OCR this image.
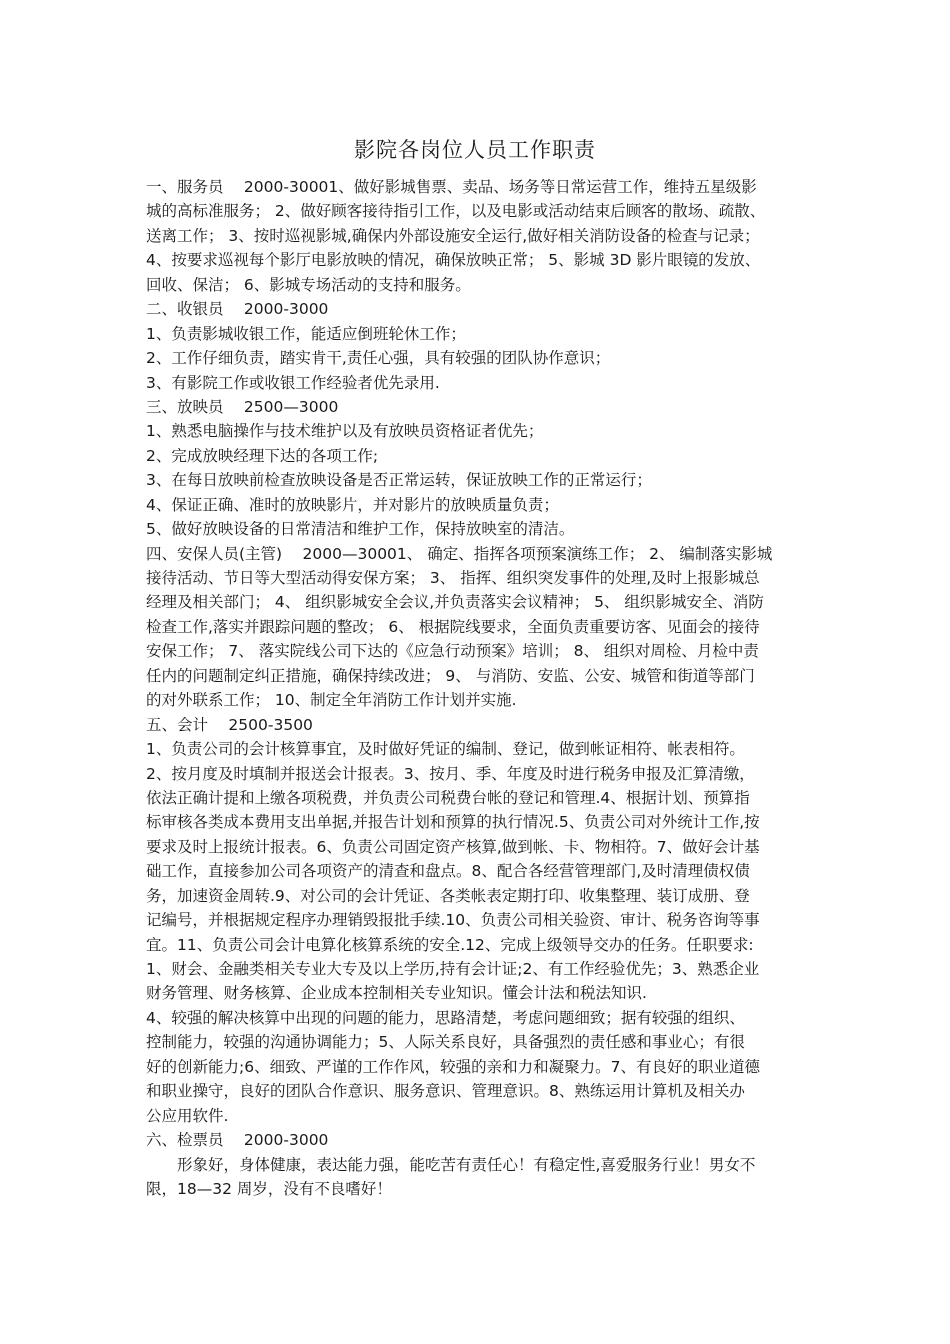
影院各岗位人员工作职责
一、服务员　 2000-30001、做好影城售票、卖品、场务等日常运营工作，维持五星级影
城的高标准服务； 2、做好顾客接待指引工作，以及电影或活动结束后顾客的散场、疏散、
送离工作； 3、按时巡视影城,确保内外部设施安全运行,做好相关消防设备的检查与记录；
4、按要求巡视每个影厅电影放映的情况，确保放映正常； 5、影城 3D 影片眼镜的发放、
回收、保洁； 6、影城专场活动的支持和服务。
二、收银员　 2000-3000
1、负责影城收银工作，能适应倒班轮休工作；
2、工作仔细负责，踏实肯干,责任心强，具有较强的团队协作意识；
3、有影院工作或收银工作经验者优先录用.
三、放映员　 2500—3000
1、熟悉电脑操作与技术维护以及有放映员资格证者优先；
2、完成放映经理下达的各项工作;
3、在每日放映前检查放映设备是否正常运转，保证放映工作的正常运行；
4、保证正确、准时的放映影片，并对影片的放映质量负责；
5、做好放映设备的日常清洁和维护工作，保持放映室的清洁。
四、安保人员(主管)　 2000—30001、 确定、指挥各项预案演练工作； 2、 编制落实影城
接待活动、节日等大型活动得安保方案； 3、 指挥、组织突发事件的处理,及时上报影城总
经理及相关部门； 4、 组织影城安全会议,并负责落实会议精神； 5、 组织影城安全、消防
检查工作,落实并跟踪问题的整改； 6、 根据院线要求，全面负责重要访客、见面会的接待
安保工作； 7、 落实院线公司下达的《应急行动预案》培训； 8、 组织对周检、月检中责
任内的问题制定纠正措施，确保持续改进； 9、 与消防、安监、公安、城管和街道等部门
的对外联系工作； 10、制定全年消防工作计划并实施.
五、会计　 2500-3500
1、负责公司的会计核算事宜，及时做好凭证的编制、登记，做到帐证相符、帐表相符。
2、按月度及时填制并报送会计报表。3、按月、季、年度及时进行税务申报及汇算清缴，
依法正确计提和上缴各项税费，并负责公司税费台帐的登记和管理.4、根据计划、预算指
标审核各类成本费用支出单据,并报告计划和预算的执行情况.5、负责公司对外统计工作,按
要求及时上报统计报表。6、负责公司固定资产核算,做到帐、卡、物相符。7、做好会计基
础工作，直接参加公司各项资产的清查和盘点。8、配合各经营管理部门,及时清理债权债
务，加速资金周转.9、对公司的会计凭证、各类帐表定期打印、收集整理、装订成册、登
记编号，并根据规定程序办理销毁报批手续.10、负责公司相关验资、审计、税务咨询等事
宜。11、负责公司会计电算化核算系统的安全.12、完成上级领导交办的任务。任职要求:
1、财会、金融类相关专业大专及以上学历,持有会计证;2、有工作经验优先；3、熟悉企业
财务管理、财务核算、企业成本控制相关专业知识。懂会计法和税法知识.
4、较强的解决核算中出现的问题的能力，思路清楚，考虑问题细致；据有较强的组织、
控制能力，较强的沟通协调能力；5、人际关系良好，具备强烈的责任感和事业心；有很
好的创新能力;6、细致、严谨的工作作风，较强的亲和力和凝聚力。7、有良好的职业道德
和职业操守，良好的团队合作意识、服务意识、管理意识。8、熟练运用计算机及相关办
公应用软件.
六、检票员　 2000-3000
　　形象好，身体健康，表达能力强，能吃苦有责任心！有稳定性,喜爱服务行业！男女不
限，18—32 周岁，没有不良嗜好！
